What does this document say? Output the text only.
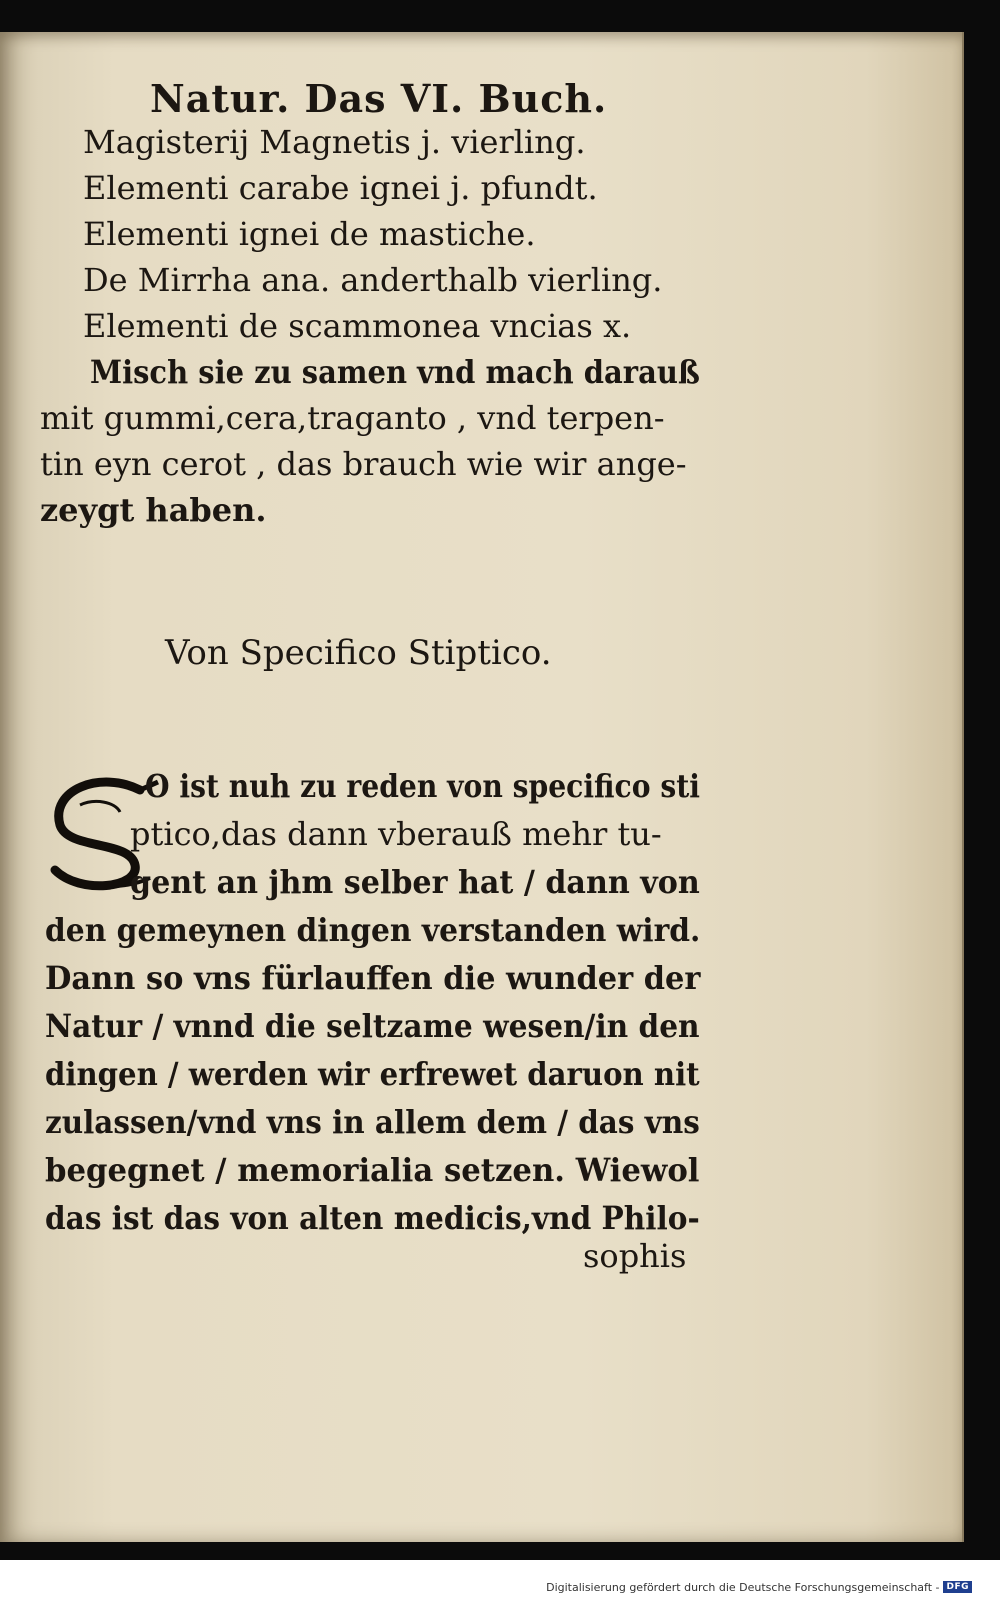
Natur. Das VI. Buch.
Magisterij Magnetis j. vierling.
Elementi carabe ignei j. pfundt.
Elementi ignei de mastiche.
De Mirrha ana. anderthalb vierling.
Elementi de scammonea vncias x.
Misch sie zu samen vnd mach darauß
mit gummi,cera,traganto , vnd terpen-
tin eyn cerot , das brauch wie wir ange-
zeygt haben.
Von Specifico Stiptico.
O ist nuh zu reden von specifico sti
ptico,das dann vberauß mehr tu-
gent an jhm selber hat / dann von
den gemeynen dingen verstanden wird.
Dann so vns fürlauffen die wunder der
Natur / vnnd die seltzame wesen/in den
dingen / werden wir erfrewet daruon nit
zulassen/vnd vns in allem dem / das vns
begegnet / memorialia setzen. Wiewol
das ist das von alten medicis,vnd Philo-
sophis
Digitalisierung gefördert durch die Deutsche Forschungsgemeinschaft - DFG
